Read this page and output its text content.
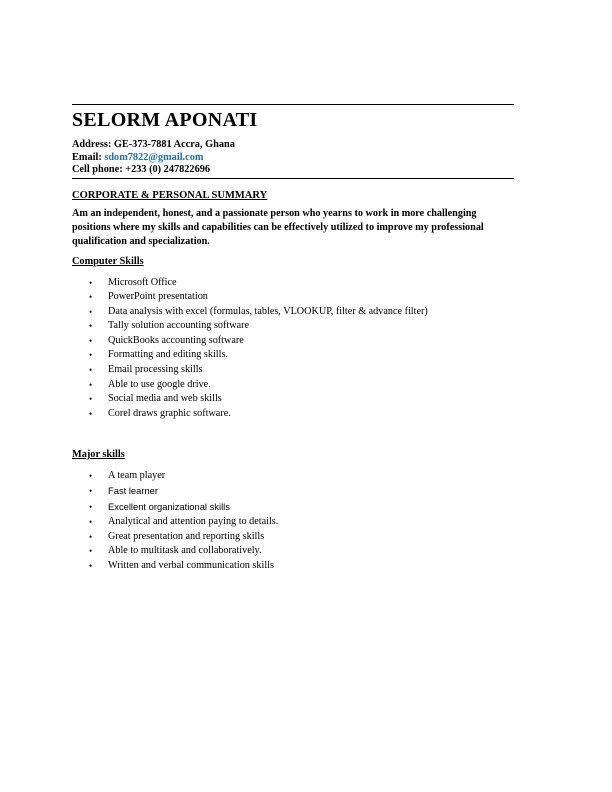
SELORM APONATI

Address: GE-373-7881 Accra, Ghana

Email: sdom7822@gmail.com

Cell phone: +233 (0) 247822696

CORPORATE & PERSONAL SUMMARY

Am an independent, honest, and a passionate person who yearns to work in more challenging positions where my skills and capabilities can be effectively utilized to improve my professional qualification and specialization.

Computer Skills

• Microsoft Office
• PowerPoint presentation
• Data analysis with excel (formulas, tables, VLOOKUP, filter & advance filter)
• Tally solution accounting software
• QuickBooks accounting software
• Formatting and editing skills.
• Email processing skills
• Able to use google drive.
• Social media and web skills
• Corel draws graphic software.

Major skills

• A team player
• Fast learner
• Excellent organizational skills
• Analytical and attention paying to details.
• Great presentation and reporting skills
• Able to multitask and collaboratively.
• Written and verbal communication skills
